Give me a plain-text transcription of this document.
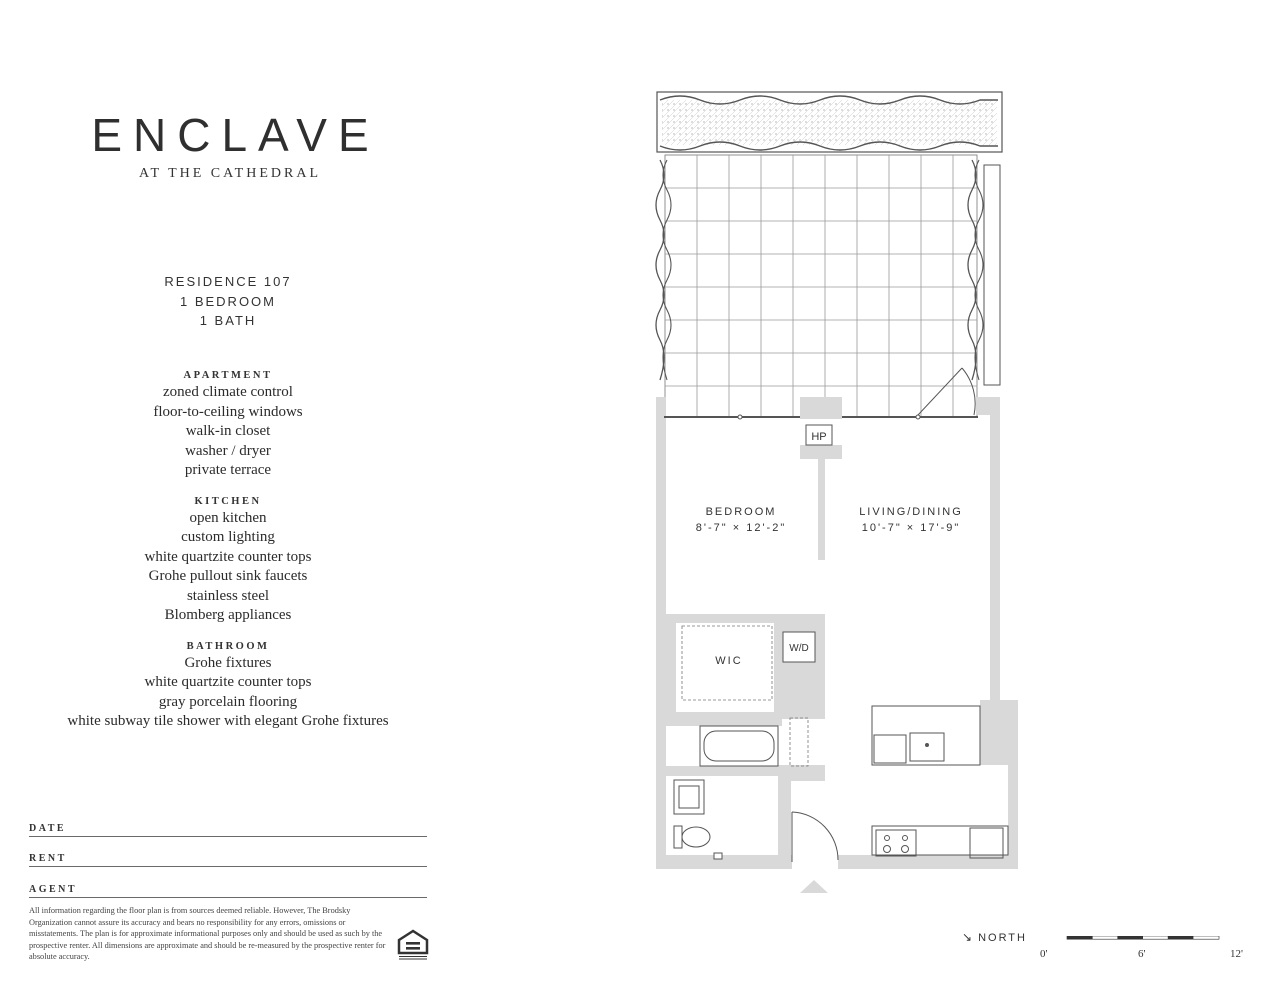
ENCLAVE
AT THE CATHEDRAL
RESIDENCE 107
1 BEDROOM
1 BATH
APARTMENT
zoned climate control
floor-to-ceiling windows
walk-in closet
washer / dryer
private terrace
KITCHEN
open kitchen
custom lighting
white quartzite counter tops
Grohe pullout sink faucets
stainless steel
Blomberg appliances
BATHROOM
Grohe fixtures
white quartzite counter tops
gray porcelain flooring
white subway tile shower with elegant Grohe fixtures
DATE
RENT
AGENT
All information regarding the floor plan is from sources deemed reliable. However, The Brodsky Organization cannot assure its accuracy and bears no responsibility for any errors, omissions or misstatements. The plan is for approximate informational purposes only and should be used as such by the prospective renter. All dimensions are approximate and should be re-measured by the prospective renter for absolute accuracy.
BEDROOM
8'-7" × 12'-2"
LIVING/DINING
10'-7" × 17'-9"
HP
WIC
W/D
↘ NORTH
0'	6'	12'
